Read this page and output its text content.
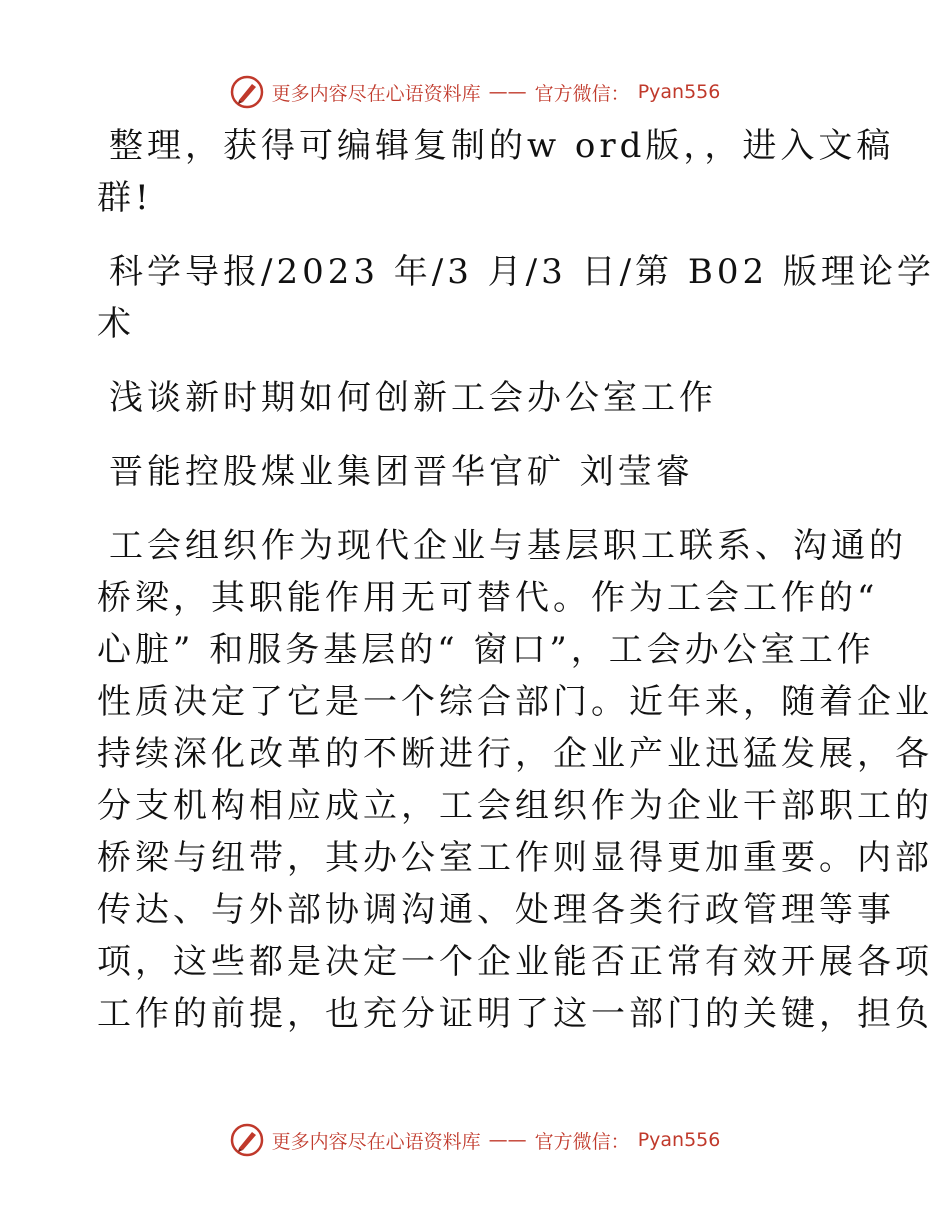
更多内容尽在心语资料库 —— 官方微信： Pyan556
整理，获得可编辑复制的w ord版，，进入文稿
群!
科学导报/2023 年/3 月/3 日/第 B02 版理论学
术
浅谈新时期如何创新工会办公室工作
晋能控股煤业集团晋华官矿 刘莹睿
工会组织作为现代企业与基层职工联系、沟通的
桥梁，其职能作用无可替代。作为工会工作的“
心脏” 和服务基层的“ 窗口”，工会办公室工作
性质决定了它是一个综合部门。近年来，随着企业
持续深化改革的不断进行，企业产业迅猛发展，各
分支机构相应成立，工会组织作为企业干部职工的
桥梁与纽带，其办公室工作则显得更加重要。内部
传达、与外部协调沟通、处理各类行政管理等事
项，这些都是决定一个企业能否正常有效开展各项
工作的前提，也充分证明了这一部门的关键，担负
更多内容尽在心语资料库 —— 官方微信： Pyan556
